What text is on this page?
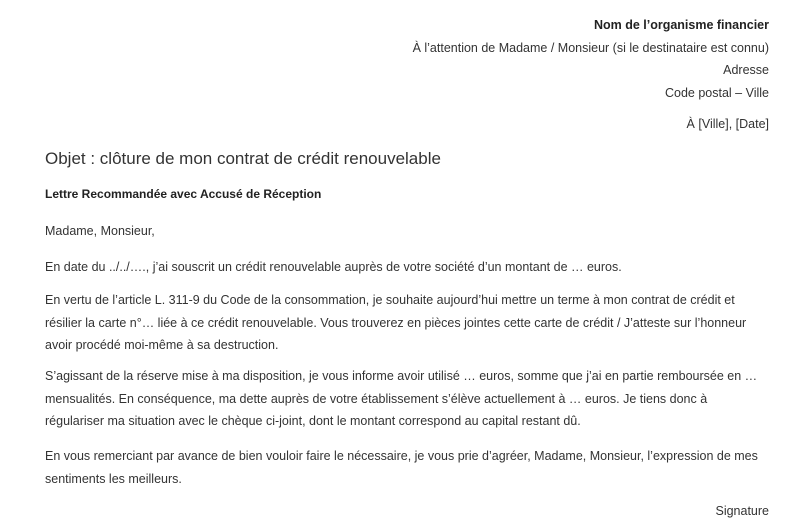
Nom de l’organisme financier
À l’attention de Madame / Monsieur (si le destinataire est connu)
Adresse
Code postal – Ville
À [Ville], [Date]
Objet : clôture de mon contrat de crédit renouvelable
Lettre Recommandée avec Accusé de Réception
Madame, Monsieur,
En date du ../../…., j’ai souscrit un crédit renouvelable auprès de votre société d’un montant de … euros.
En vertu de l’article L. 311-9 du Code de la consommation, je souhaite aujourd’hui mettre un terme à mon contrat de crédit et résilier la carte n°… liée à ce crédit renouvelable. Vous trouverez en pièces jointes cette carte de crédit / J’atteste sur l’honneur avoir procédé moi-même à sa destruction.
S’agissant de la réserve mise à ma disposition, je vous informe avoir utilisé … euros, somme que j’ai en partie remboursée en … mensualités. En conséquence, ma dette auprès de votre établissement s’élève actuellement à … euros. Je tiens donc à régulariser ma situation avec le chèque ci-joint, dont le montant correspond au capital restant dû.
En vous remerciant par avance de bien vouloir faire le nécessaire, je vous prie d’agréer, Madame, Monsieur, l’expression de mes sentiments les meilleurs.
Signature
